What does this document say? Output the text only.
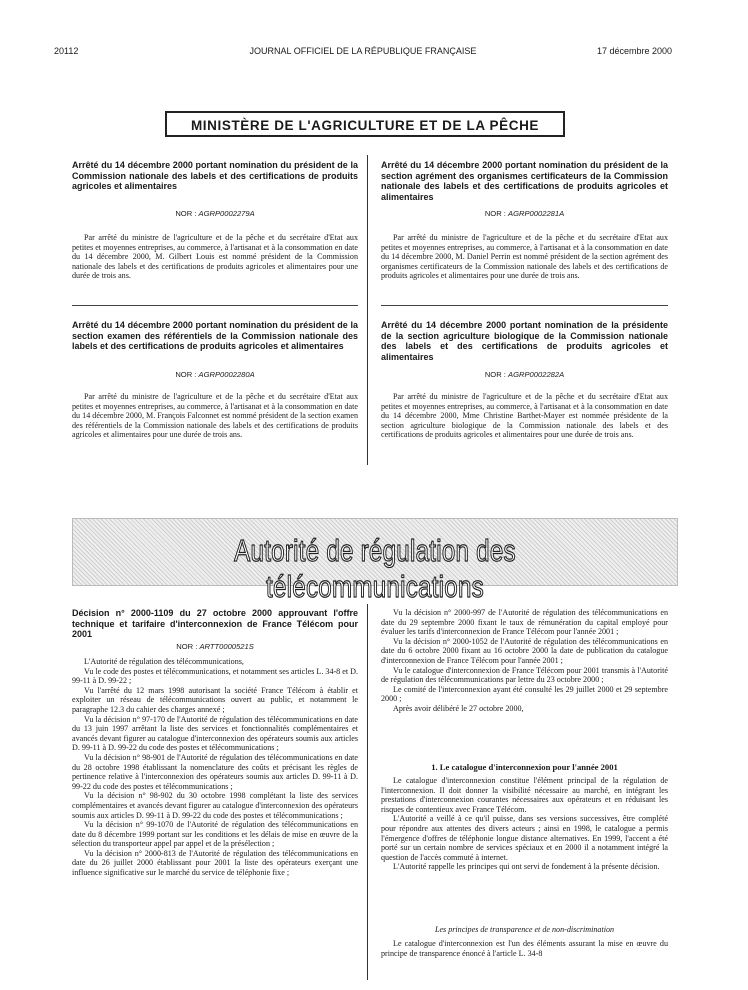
20112	JOURNAL OFFICIEL DE LA RÉPUBLIQUE FRANÇAISE	17 décembre 2000
MINISTÈRE DE L'AGRICULTURE ET DE LA PÊCHE
Arrêté du 14 décembre 2000 portant nomination du président de la Commission nationale des labels et des certifications de produits agricoles et alimentaires
NOR : AGRP0002279A

Par arrêté du ministre de l'agriculture et de la pêche et du secrétaire d'Etat aux petites et moyennes entreprises, au commerce, à l'artisanat et à la consommation en date du 14 décembre 2000, M. Gilbert Louis est nommé président de la Commission nationale des labels et des certifications de produits agricoles et alimentaires pour une durée de trois ans.

Arrêté du 14 décembre 2000 portant nomination du président de la section agrément des organismes certificateurs de la Commission nationale des labels et des certifications de produits agricoles et alimentaires
NOR : AGRP0002281A

Par arrêté du ministre de l'agriculture et de la pêche et du secrétaire d'Etat aux petites et moyennes entreprises, au commerce, à l'artisanat et à la consommation en date du 14 décembre 2000, M. Daniel Perrin est nommé président de la section agrément des organismes certificateurs de la Commission nationale des labels et des certifications de produits agricoles et alimentaires pour une durée de trois ans.

Arrêté du 14 décembre 2000 portant nomination du président de la section examen des référentiels de la Commission nationale des labels et des certifications de produits agricoles et alimentaires
NOR : AGRP0002280A

Par arrêté du ministre de l'agriculture et de la pêche et du secrétaire d'Etat aux petites et moyennes entreprises, au commerce, à l'artisanat et à la consommation en date du 14 décembre 2000, M. François Falconnet est nommé président de la section examen des référentiels de la Commission nationale des labels et des certifications de produits agricoles et alimentaires pour une durée de trois ans.

Arrêté du 14 décembre 2000 portant nomination de la présidente de la section agriculture biologique de la Commission nationale des labels et des certifications de produits agricoles et alimentaires
NOR : AGRP0002282A

Par arrêté du ministre de l'agriculture et de la pêche et du secrétaire d'Etat aux petites et moyennes entreprises, au commerce, à l'artisanat et à la consommation en date du 14 décembre 2000, Mme Christine Barthet-Mayer est nommée présidente de la section agriculture biologique de la Commission nationale des labels et des certifications de produits agricoles et alimentaires pour une durée de trois ans.

Autorité de régulation des télécommunications
Décision n° 2000-1109 du 27 octobre 2000 approuvant l'offre technique et tarifaire d'interconnexion de France Télécom pour 2001
NOR : ARTT0000521S

L'Autorité de régulation des télécommunications,

Vu le code des postes et télécommunications, et notamment ses articles L. 34-8 et D. 99-11 à D. 99-22 ;

Vu l'arrêté du 12 mars 1998 autorisant la société France Télécom à établir et exploiter un réseau de télécommunications ouvert au public, et notamment le paragraphe 12.3 du cahier des charges annexé ;

Vu la décision n° 97-170 de l'Autorité de régulation des télécommunications en date du 13 juin 1997 arrêtant la liste des services et fonctionnalités complémentaires et avancés devant figurer au catalogue d'interconnexion des opérateurs soumis aux articles D. 99-11 à D. 99-22 du code des postes et télécommunications ;

Vu la décision n° 98-901 de l'Autorité de régulation des télécommunications en date du 28 octobre 1998 établissant la nomenclature des coûts et précisant les règles de pertinence relative à l'interconnexion des opérateurs soumis aux articles D. 99-11 à D. 99-22 du code des postes et télécommunications ;

Vu la décision n° 98-902 du 30 octobre 1998 complétant la liste des services complémentaires et avancés devant figurer au catalogue d'interconnexion des opérateurs soumis aux articles D. 99-11 à D. 99-22 du code des postes et télécommunications ;

Vu la décision n° 99-1070 de l'Autorité de régulation des télécommunications en date du 8 décembre 1999 portant sur les conditions et les délais de mise en œuvre de la sélection du transporteur appel par appel et de la présélection ;

Vu la décision n° 2000-813 de l'Autorité de régulation des télécommunications en date du 26 juillet 2000 établissant pour 2001 la liste des opérateurs exerçant une influence significative sur le marché du service de téléphonie fixe ;

Vu la décision n° 2000-997 de l'Autorité de régulation des télécommunications en date du 29 septembre 2000 fixant le taux de rémunération du capital employé pour évaluer les tarifs d'interconnexion de France Télécom pour l'année 2001 ;

Vu la décision n° 2000-1052 de l'Autorité de régulation des télécommunications en date du 6 octobre 2000 fixant au 16 octobre 2000 la date de publication du catalogue d'interconnexion de France Télécom pour l'année 2001 ;

Vu le catalogue d'interconnexion de France Télécom pour 2001 transmis à l'Autorité de régulation des télécommunications par lettre du 23 octobre 2000 ;

Le comité de l'interconnexion ayant été consulté les 29 juillet 2000 et 29 septembre 2000 ;

Après avoir délibéré le 27 octobre 2000,

1. Le catalogue d'interconnexion pour l'année 2001

Le catalogue d'interconnexion constitue l'élément principal de la régulation de l'interconnexion. Il doit donner la visibilité nécessaire au marché, en intégrant les prestations d'interconnexion courantes nécessaires aux opérateurs et en réduisant les risques de contentieux avec France Télécom.

L'Autorité a veillé à ce qu'il puisse, dans ses versions successives, être complété pour répondre aux attentes des divers acteurs ; ainsi en 1998, le catalogue a permis l'émergence d'offres de téléphonie longue distance alternatives. En 1999, l'accent a été porté sur un certain nombre de services spéciaux et en 2000 il a notamment intégré la question de l'accès commuté à internet.

L'Autorité rappelle les principes qui ont servi de fondement à la présente décision.

Les principes de transparence et de non-discrimination

Le catalogue d'interconnexion est l'un des éléments assurant la mise en œuvre du principe de transparence énoncé à l'article L. 34-8
